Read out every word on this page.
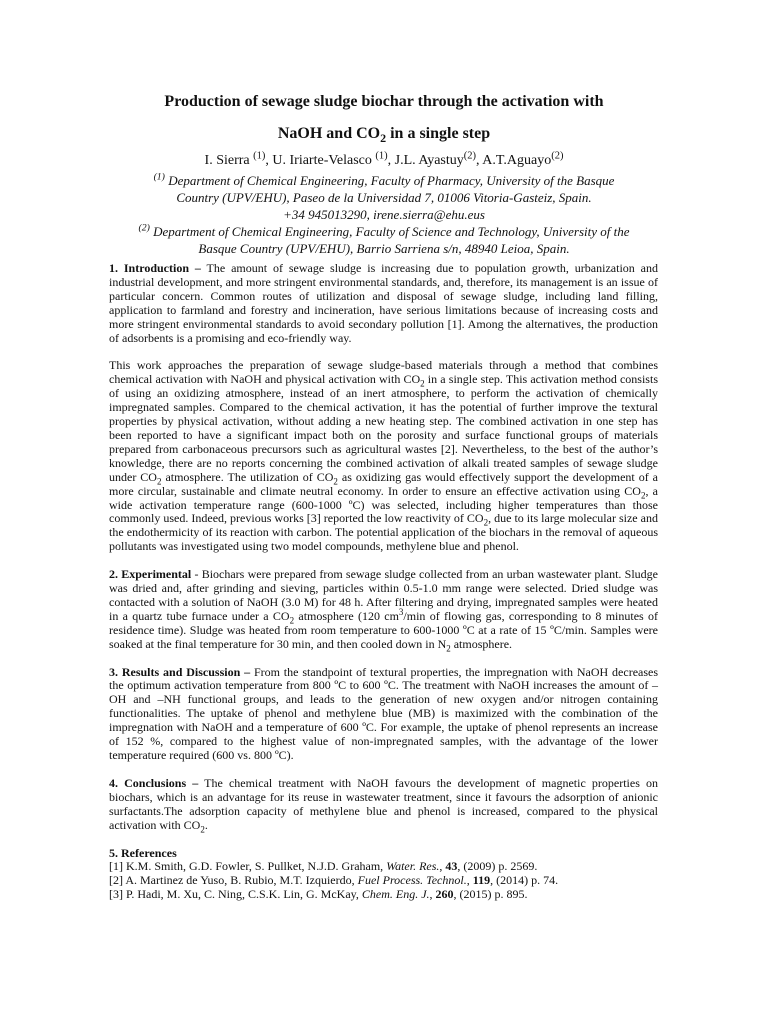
Production of sewage sludge biochar through the activation with
NaOH and $CO_2$ in a single step
I. Sierra $^{(1)}$, U. Iriarte-Velasco $^{(1)}$, J.L. Ayastuy$^{(2)}$, A.T.Aguayo$^{(2)}$
$^{(1)}$ Department of Chemical Engineering, Faculty of Pharmacy, University of the Basque
Country (UPV/EHU), Paseo de la Universidad 7, 01006 Vitoria-Gasteiz, Spain.
+34 945013290, irene.sierra@ehu.eus
$^{(2)}$ Department of Chemical Engineering, Faculty of Science and Technology, University of the
Basque Country (UPV/EHU), Barrio Sarriena s/n, 48940 Leioa, Spain.

1. Introduction – The amount of sewage sludge is increasing due to population growth, urbanization and industrial development, and more stringent environmental standards, and, therefore, its management is an issue of particular concern. Common routes of utilization and disposal of sewage sludge, including land filling, application to farmland and forestry and incineration, have serious limitations because of increasing costs and more stringent environmental standards to avoid secondary pollution [1]. Among the alternatives, the production of adsorbents is a promising and eco-friendly way.

This work approaches the preparation of sewage sludge-based materials through a method that combines chemical activation with NaOH and physical activation with $CO_2$ in a single step. This activation method consists of using an oxidizing atmosphere, instead of an inert atmosphere, to perform the activation of chemically impregnated samples. Compared to the chemical activation, it has the potential of further improve the textural properties by physical activation, without adding a new heating step. The combined activation in one step has been reported to have a significant impact both on the porosity and surface functional groups of materials prepared from carbonaceous precursors such as agricultural wastes [2]. Nevertheless, to the best of the author’s knowledge, there are no reports concerning the combined activation of alkali treated samples of sewage sludge under $CO_2$ atmosphere. The utilization of $CO_2$ as oxidizing gas would effectively support the development of a more circular, sustainable and climate neutral economy. In order to ensure an effective activation using $CO_2$, a wide activation temperature range (600-1000 ºC) was selected, including higher temperatures than those commonly used. Indeed, previous works [3] reported the low reactivity of $CO_2$, due to its large molecular size and the endothermicity of its reaction with carbon. The potential application of the biochars in the removal of aqueous pollutants was investigated using two model compounds, methylene blue and phenol.

2. Experimental - Biochars were prepared from sewage sludge collected from an urban wastewater plant. Sludge was dried and, after grinding and sieving, particles within 0.5-1.0 mm range were selected. Dried sludge was contacted with a solution of NaOH (3.0 M) for 48 h. After filtering and drying, impregnated samples were heated in a quartz tube furnace under a $CO_2$ atmosphere (120 $cm^3/\min$ of flowing gas, corresponding to 8 minutes of residence time). Sludge was heated from room temperature to 600-1000 ºC at a rate of 15 ºC/min. Samples were soaked at the final temperature for 30 min, and then cooled down in $N_2$ atmosphere.

3. Results and Discussion – From the standpoint of textural properties, the impregnation with NaOH decreases the optimum activation temperature from 800 ºC to 600 ºC. The treatment with NaOH increases the amount of –OH and –NH functional groups, and leads to the generation of new oxygen and/or nitrogen containing functionalities. The uptake of phenol and methylene blue (MB) is maximized with the combination of the impregnation with NaOH and a temperature of 600 ºC. For example, the uptake of phenol represents an increase of 152 %, compared to the highest value of non-impregnated samples, with the advantage of the lower temperature required (600 vs. 800 ºC).

4. Conclusions – The chemical treatment with NaOH favours the development of magnetic properties on biochars, which is an advantage for its reuse in wastewater treatment, since it favours the adsorption of anionic surfactants.The adsorption capacity of methylene blue and phenol is increased, compared to the physical activation with $CO_2$.

5. References

[1] K.M. Smith, G.D. Fowler, S. Pullket, N.J.D. Graham, Water. Res., 43, (2009) p. 2569.

[2] A. Martinez de Yuso, B. Rubio, M.T. Izquierdo, Fuel Process. Technol., 119, (2014) p. 74.

[3] P. Hadi, M. Xu, C. Ning, C.S.K. Lin, G. McKay, Chem. Eng. J., 260, (2015) p. 895.
